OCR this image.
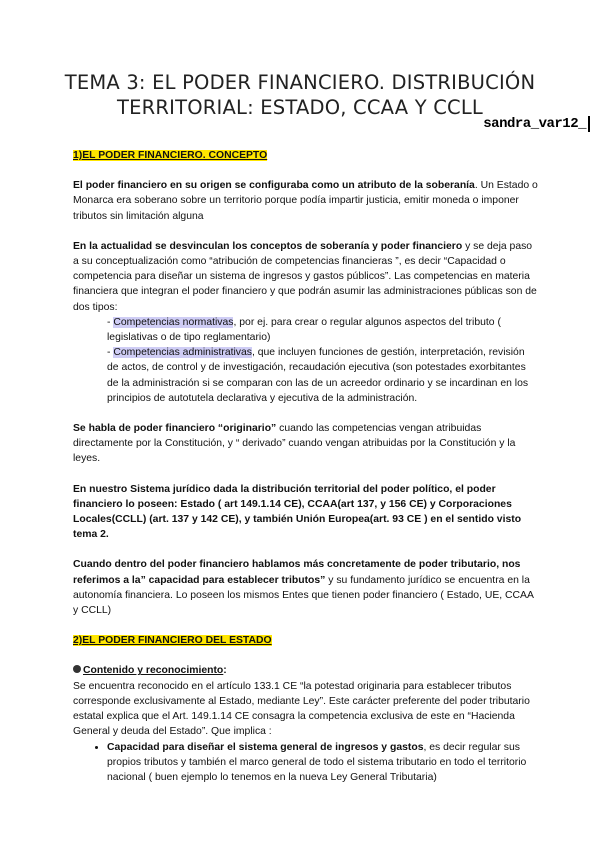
TEMA 3: EL PODER FINANCIERO. DISTRIBUCIÓN TERRITORIAL: ESTADO, CCAA Y CCLL
sandra_var12_

1)EL PODER FINANCIERO. CONCEPTO

El poder financiero en su origen se configuraba como un atributo de la soberanía. Un Estado o Monarca era soberano sobre un territorio porque podía impartir justicia, emitir moneda o imponer tributos sin limitación alguna

En la actualidad se desvinculan los conceptos de soberanía y poder financiero y se deja paso a su conceptualización como “atribución de competencias financieras ”, es decir “Capacidad o competencia para diseñar un sistema de ingresos y gastos públicos”. Las competencias en materia financiera que integran el poder financiero y que podrán asumir las administraciones públicas son de dos tipos:

- Competencias normativas, por ej. para crear o regular algunos aspectos del tributo ( legislativas o de tipo reglamentario)

- Competencias administrativas, que incluyen funciones de gestión, interpretación, revisión de actos, de control y de investigación, recaudación ejecutiva (son potestades exorbitantes de la administración si se comparan con las de un acreedor ordinario y se incardinan en los principios de autotutela declarativa y ejecutiva de la administración.

Se habla de poder financiero “originario” cuando las competencias vengan atribuidas directamente por la Constitución, y “ derivado” cuando vengan atribuidas por la Constitución y la leyes.

En nuestro Sistema jurídico dada la distribución territorial del poder político, el poder financiero lo poseen: Estado ( art 149.1.14 CE), CCAA(art 137, y 156 CE) y Corporaciones Locales(CCLL) (art. 137 y 142 CE), y también Unión Europea(art. 93 CE ) en el sentido visto tema 2.

Cuando dentro del poder financiero hablamos más concretamente de poder tributario, nos referimos a la” capacidad para establecer tributos” y su fundamento jurídico se encuentra en la autonomía financiera. Lo poseen los mismos Entes que tienen poder financiero ( Estado, UE, CCAA y CCLL)

2)EL PODER FINANCIERO DEL ESTADO

Contenido y reconocimiento:

Se encuentra reconocido en el artículo 133.1 CE “la potestad originaria para establecer tributos corresponde exclusivamente al Estado, mediante Ley”. Este carácter preferente del poder tributario estatal explica que el Art. 149.1.14 CE consagra la competencia exclusiva de este en “Hacienda General y deuda del Estado”. Que implica :

• Capacidad para diseñar el sistema general de ingresos y gastos, es decir regular sus propios tributos y también el marco general de todo el sistema tributario en todo el territorio nacional ( buen ejemplo lo tenemos en la nueva Ley General Tributaria)
